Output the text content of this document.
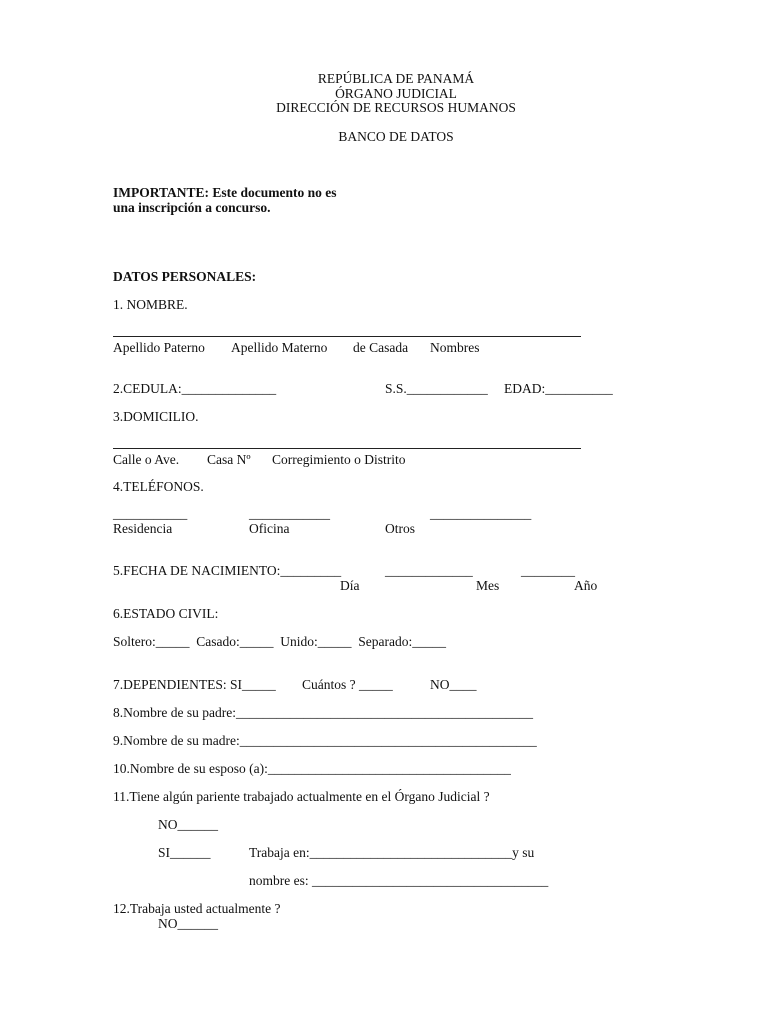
REPÚBLICA DE PANAMÁ
ÓRGANO JUDICIAL
DIRECCIÓN DE RECURSOS HUMANOS
BANCO DE DATOS
IMPORTANTE: Este documento no es
una inscripción a concurso.
DATOS PERSONALES:
1. NOMBRE.
Apellido Paterno Apellido Materno de Casada Nombres
2.CEDULA:______________	S.S.____________ EDAD:__________
3.DOMICILIO.
Calle o Ave. Casa Nº Corregimiento o Distrito
4.TELÉFONOS.
___________	____________	_______________
Residencia	Oficina	Otros
5.FECHA DE NACIMIENTO:_________	_____________	________
Día	Mes	Año
6.ESTADO CIVIL:
Soltero:_____  Casado:_____  Unido:_____  Separado:_____
7.DEPENDIENTES: SI_____ Cuántos ? _____	NO____
8.Nombre de su padre:____________________________________________
9.Nombre de su madre:____________________________________________
10.Nombre de su esposo (a):____________________________________
11.Tiene algún pariente trabajado actualmente en el Órgano Judicial ?
NO______
SI______	Trabaja en:______________________________y su
nombre es: ___________________________________
12.Trabaja usted actualmente ?
NO______
